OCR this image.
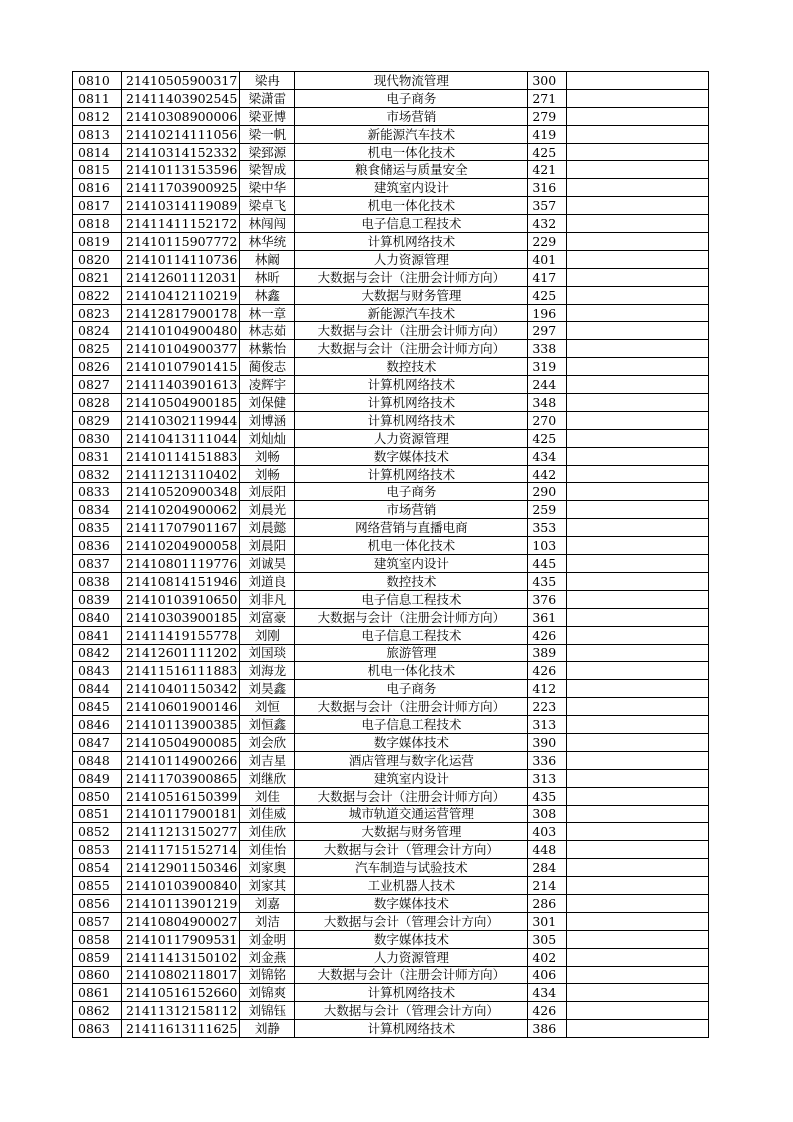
0810	21410505900317	梁冉	现代物流管理	300	
0811	21411403902545	梁潇雷	电子商务	271	
0812	21410308900006	梁亚博	市场营销	279	
0813	21410214111056	梁一帆	新能源汽车技术	419	
0814	21410314152332	梁郅源	机电一体化技术	425	
0815	21410113153596	梁智成	粮食储运与质量安全	421	
0816	21411703900925	梁中华	建筑室内设计	316	
0817	21410314119089	梁卓飞	机电一体化技术	357	
0818	21411411152172	林闯闯	电子信息工程技术	432	
0819	21410115907772	林华统	计算机网络技术	229	
0820	21410114110736	林阚	人力资源管理	401	
0821	21412601112031	林昕	大数据与会计（注册会计师方向）	417	
0822	21410412110219	林鑫	大数据与财务管理	425	
0823	21412817900178	林一章	新能源汽车技术	196	
0824	21410104900480	林志茹	大数据与会计（注册会计师方向）	297	
0825	21410104900377	林紫怡	大数据与会计（注册会计师方向）	338	
0826	21410107901415	蔺俊志	数控技术	319	
0827	21411403901613	凌辉宇	计算机网络技术	244	
0828	21410504900185	刘保健	计算机网络技术	348	
0829	21410302119944	刘博涵	计算机网络技术	270	
0830	21410413111044	刘灿灿	人力资源管理	425	
0831	21410114151883	刘畅	数字媒体技术	434	
0832	21411213110402	刘畅	计算机网络技术	442	
0833	21410520900348	刘辰阳	电子商务	290	
0834	21410204900062	刘晨光	市场营销	259	
0835	21411707901167	刘晨懿	网络营销与直播电商	353	
0836	21410204900058	刘晨阳	机电一体化技术	103	
0837	21410801119776	刘诚昊	建筑室内设计	445	
0838	21410814151946	刘道良	数控技术	435	
0839	21410103910650	刘非凡	电子信息工程技术	376	
0840	21410303900185	刘富豪	大数据与会计（注册会计师方向）	361	
0841	21411419155778	刘刚	电子信息工程技术	426	
0842	21412601111202	刘国琰	旅游管理	389	
0843	21411516111883	刘海龙	机电一体化技术	426	
0844	21410401150342	刘昊鑫	电子商务	412	
0845	21410601900146	刘恒	大数据与会计（注册会计师方向）	223	
0846	21410113900385	刘恒鑫	电子信息工程技术	313	
0847	21410504900085	刘会欣	数字媒体技术	390	
0848	21410114900266	刘吉星	酒店管理与数字化运营	336	
0849	21411703900865	刘继欣	建筑室内设计	313	
0850	21410516150399	刘佳	大数据与会计（注册会计师方向）	435	
0851	21410117900181	刘佳威	城市轨道交通运营管理	308	
0852	21411213150277	刘佳欣	大数据与财务管理	403	
0853	21411715152714	刘佳怡	大数据与会计（管理会计方向）	448	
0854	21412901150346	刘家奥	汽车制造与试验技术	284	
0855	21410103900840	刘家其	工业机器人技术	214	
0856	21410113901219	刘嘉	数字媒体技术	286	
0857	21410804900027	刘洁	大数据与会计（管理会计方向）	301	
0858	21410117909531	刘金明	数字媒体技术	305	
0859	21411413150102	刘金燕	人力资源管理	402	
0860	21410802118017	刘锦铭	大数据与会计（注册会计师方向）	406	
0861	21410516152660	刘锦爽	计算机网络技术	434	
0862	21411312158112	刘锦钰	大数据与会计（管理会计方向）	426	
0863	21411613111625	刘静	计算机网络技术	386	
